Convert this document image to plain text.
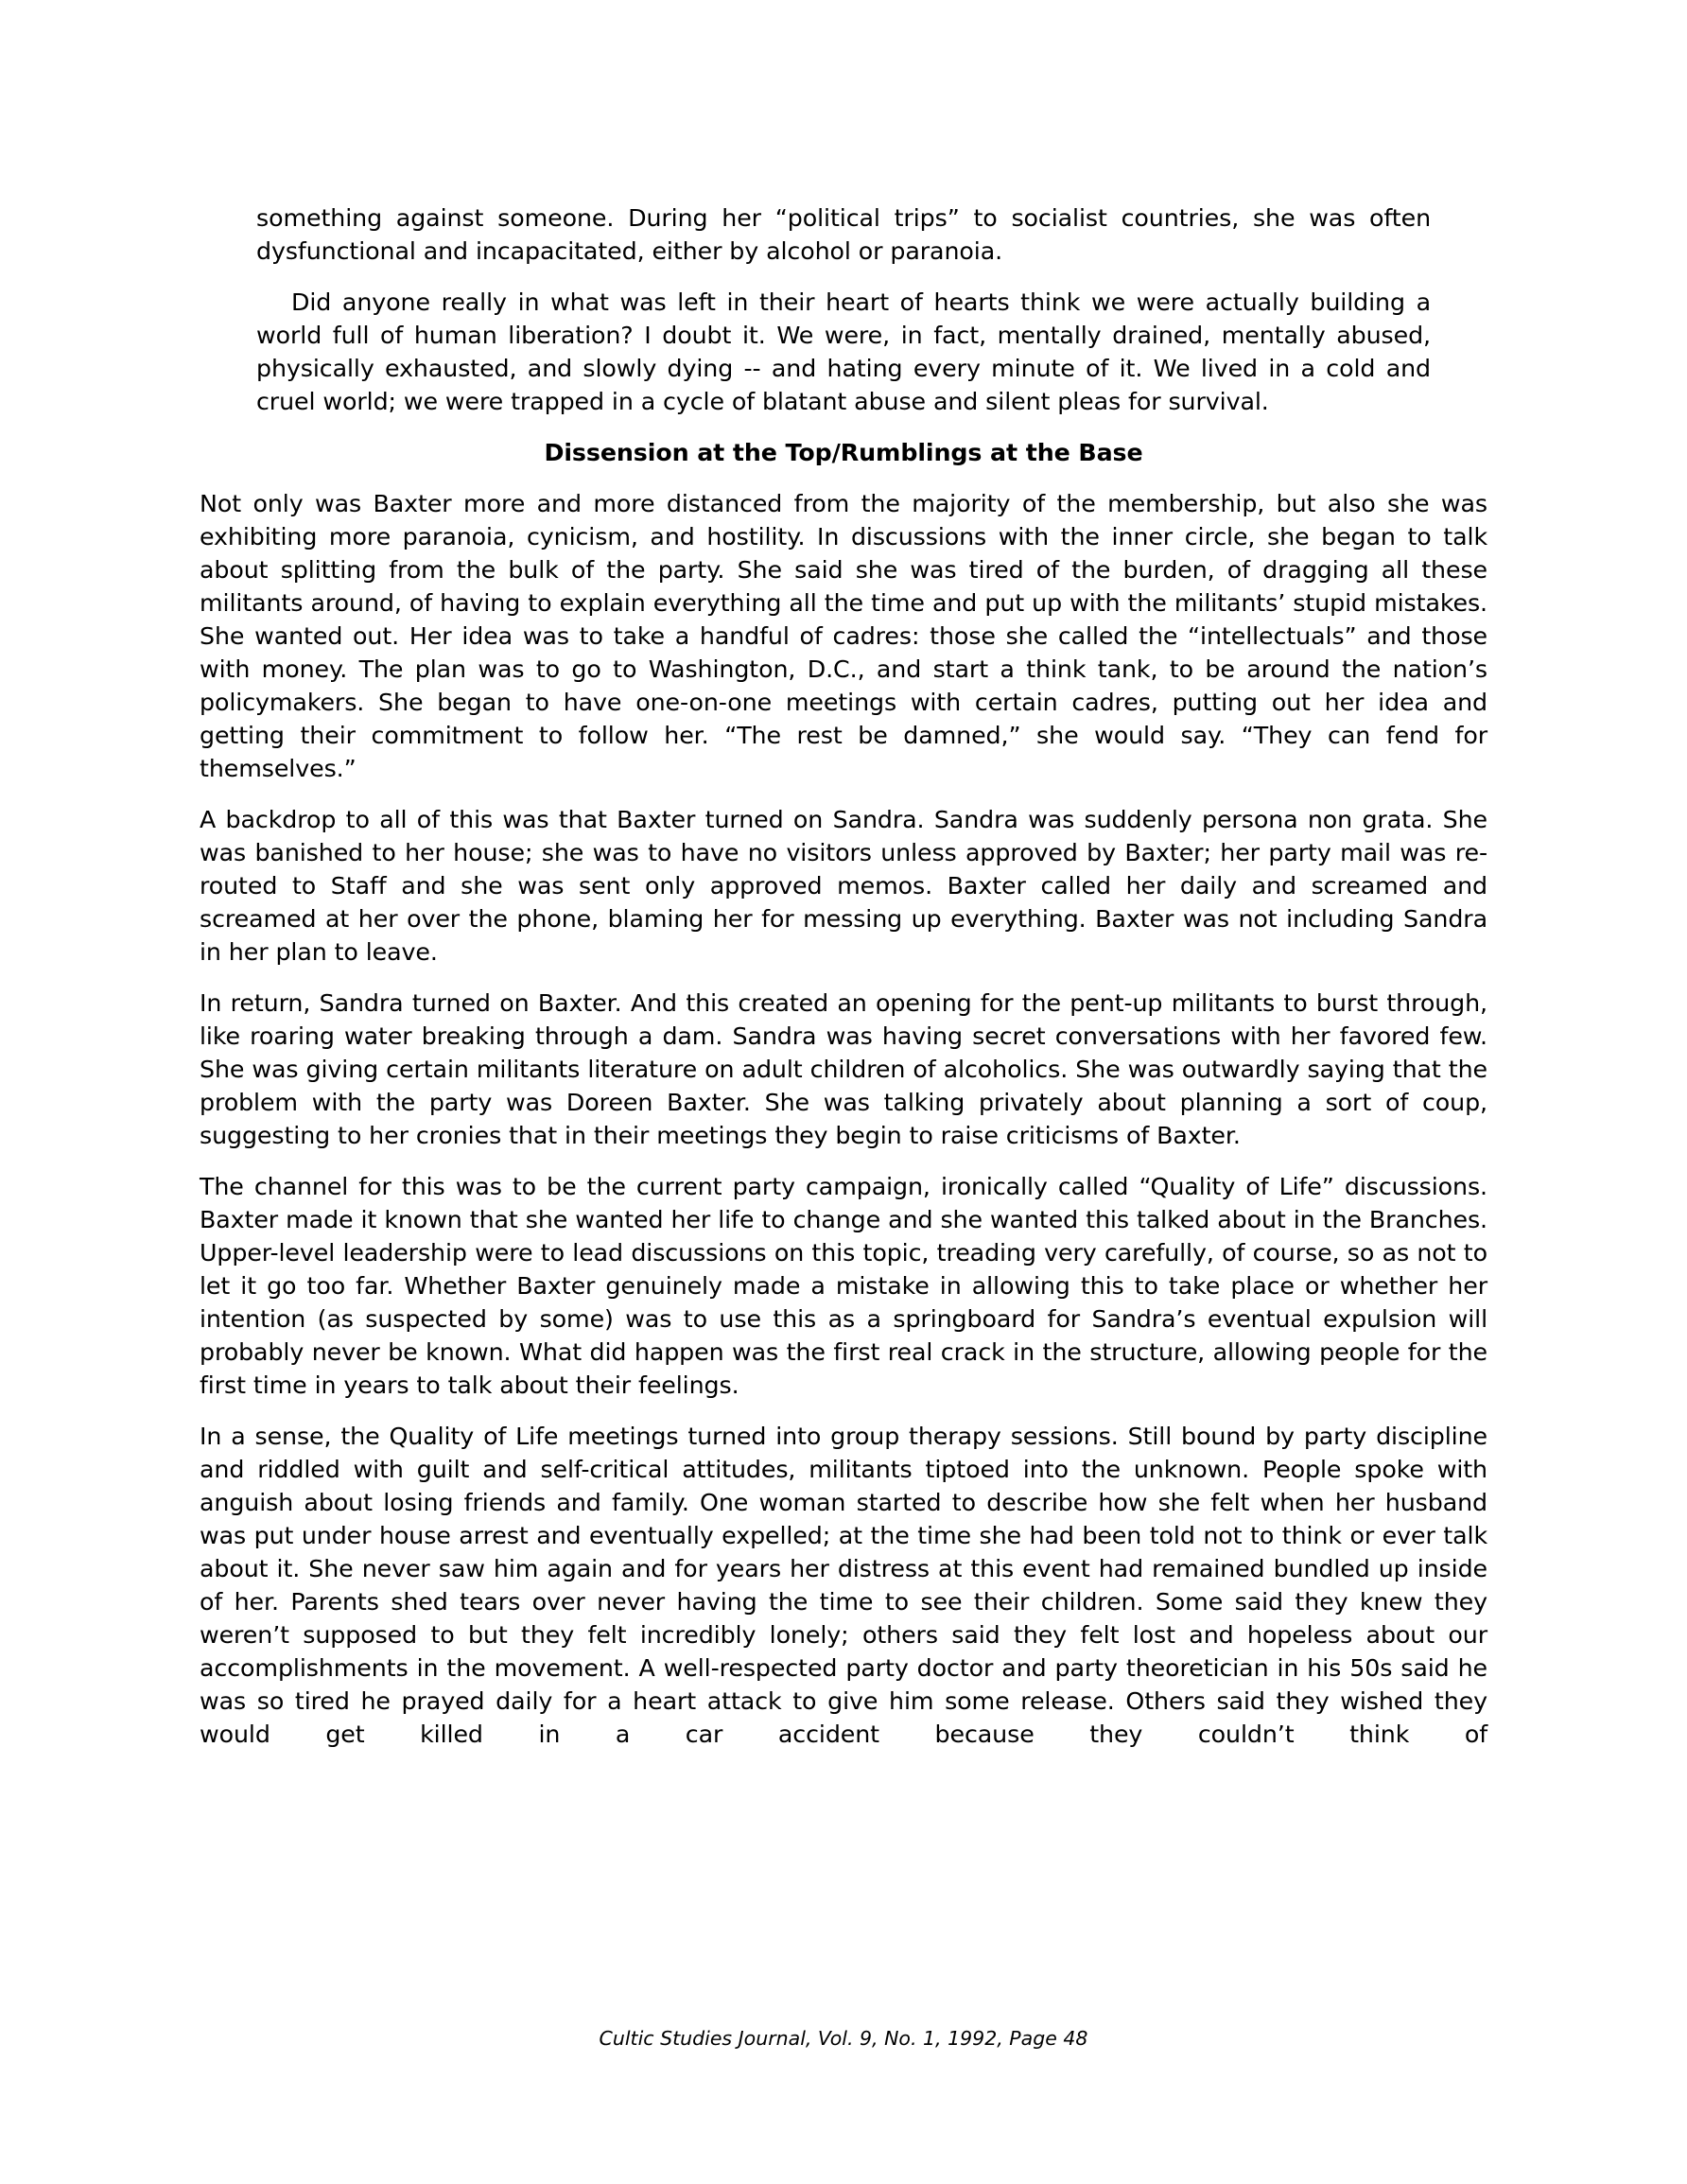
something against someone. During her “political trips” to socialist countries, she was often dysfunctional and incapacitated, either by alcohol or paranoia.

Did anyone really in what was left in their heart of hearts think we were actually building a world full of human liberation? I doubt it. We were, in fact, mentally drained, mentally abused, physically exhausted, and slowly dying -- and hating every minute of it. We lived in a cold and cruel world; we were trapped in a cycle of blatant abuse and silent pleas for survival.

Dissension at the Top/Rumblings at the Base

Not only was Baxter more and more distanced from the majority of the membership, but also she was exhibiting more paranoia, cynicism, and hostility. In discussions with the inner circle, she began to talk about splitting from the bulk of the party. She said she was tired of the burden, of dragging all these militants around, of having to explain everything all the time and put up with the militants’ stupid mistakes. She wanted out. Her idea was to take a handful of cadres: those she called the “intellectuals” and those with money. The plan was to go to Washington, D.C., and start a think tank, to be around the nation’s policymakers. She began to have one-on-one meetings with certain cadres, putting out her idea and getting their commitment to follow her. “The rest be damned,” she would say. “They can fend for themselves.”

A backdrop to all of this was that Baxter turned on Sandra. Sandra was suddenly persona non grata. She was banished to her house; she was to have no visitors unless approved by Baxter; her party mail was re-routed to Staff and she was sent only approved memos. Baxter called her daily and screamed and screamed at her over the phone, blaming her for messing up everything. Baxter was not including Sandra in her plan to leave.

In return, Sandra turned on Baxter. And this created an opening for the pent-up militants to burst through, like roaring water breaking through a dam. Sandra was having secret conversations with her favored few. She was giving certain militants literature on adult children of alcoholics. She was outwardly saying that the problem with the party was Doreen Baxter. She was talking privately about planning a sort of coup, suggesting to her cronies that in their meetings they begin to raise criticisms of Baxter.

The channel for this was to be the current party campaign, ironically called “Quality of Life” discussions. Baxter made it known that she wanted her life to change and she wanted this talked about in the Branches. Upper-level leadership were to lead discussions on this topic, treading very carefully, of course, so as not to let it go too far. Whether Baxter genuinely made a mistake in allowing this to take place or whether her intention (as suspected by some) was to use this as a springboard for Sandra’s eventual expulsion will probably never be known. What did happen was the first real crack in the structure, allowing people for the first time in years to talk about their feelings.

In a sense, the Quality of Life meetings turned into group therapy sessions. Still bound by party discipline and riddled with guilt and self-critical attitudes, militants tiptoed into the unknown. People spoke with anguish about losing friends and family. One woman started to describe how she felt when her husband was put under house arrest and eventually expelled; at the time she had been told not to think or ever talk about it. She never saw him again and for years her distress at this event had remained bundled up inside of her. Parents shed tears over never having the time to see their children. Some said they knew they weren’t supposed to but they felt incredibly lonely; others said they felt lost and hopeless about our accomplishments in the movement. A well-respected party doctor and party theoretician in his 50s said he was so tired he prayed daily for a heart attack to give him some release. Others said they wished they would get killed in a car accident because they couldn’t think of

Cultic Studies Journal, Vol. 9, No. 1, 1992, Page 48
